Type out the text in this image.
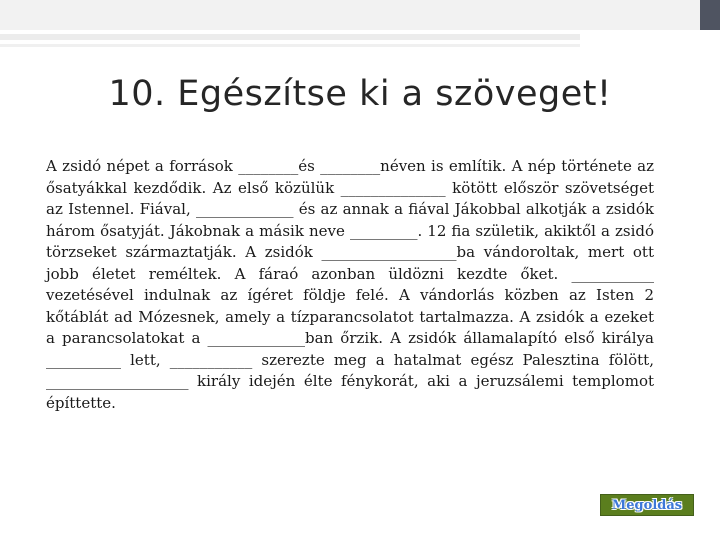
10. Egészítse ki a szöveget!

A zsidó népet a források ________és ________néven is említik. A nép története az ősatyákkal kezdődik. Az első közülük ______________ kötött először szövetséget az Istennel. Fiával, _____________ és az annak a fiával Jákobbal alkotják a zsidók három ősatyját. Jákobnak a másik neve _________. 12 fia születik, akiktől a zsidó törzseket származtatják. A zsidók __________________ba vándoroltak, mert ott jobb életet reméltek. A fáraó azonban üldözni kezdte őket. ___________ vezetésével indulnak az ígéret földje felé. A vándorlás közben az Isten 2 kőtáblát ad Mózesnek, amely a tízparancsolatot tartalmazza. A zsidók a ezeket a parancsolatokat a _____________ban őrzik. A zsidók államalapító első királya __________ lett, ___________ szerezte meg a hatalmat egész Palesztina fölött, ___________________ király idején élte fénykorát, aki a jeruzsálemi templomot építtette.

Megoldás
